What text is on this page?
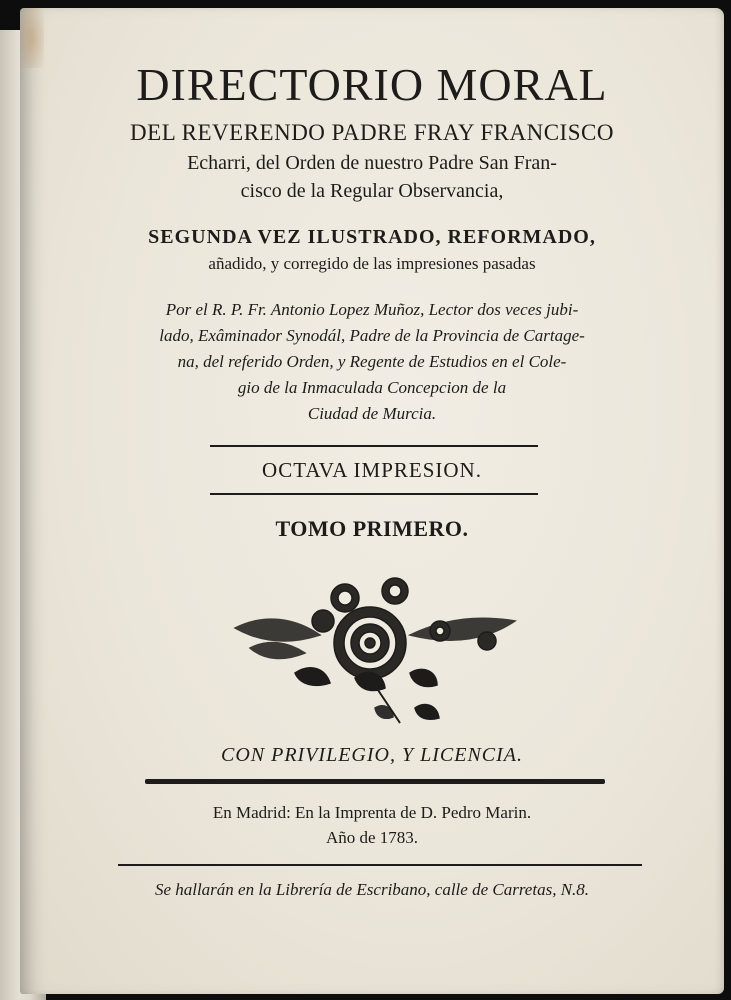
DIRECTORIO MORAL
DEL REVERENDO PADRE FRAY FRANCISCO
Echarri, del Orden de nuestro Padre San Fran-
cisco de la Regular Observancia,
SEGUNDA VEZ ILUSTRADO, REFORMADO,
añadido, y corregido de las impresiones pasadas
Por el R. P. Fr. Antonio Lopez Muñoz, Lector dos veces jubi-
lado, Exâminador Synodál, Padre de la Provincia de Cartage-
na, del referido Orden, y Regente de Estudios en el Cole-
gio de la Inmaculada Concepcion de la
Ciudad de Murcia.
OCTAVA IMPRESION.
TOMO PRIMERO.
CON PRIVILEGIO, Y LICENCIA.
En Madrid: En la Imprenta de D. Pedro Marin.
Año de 1783.
Se hallarán en la Librería de Escribano, calle de Carretas, N.8.
